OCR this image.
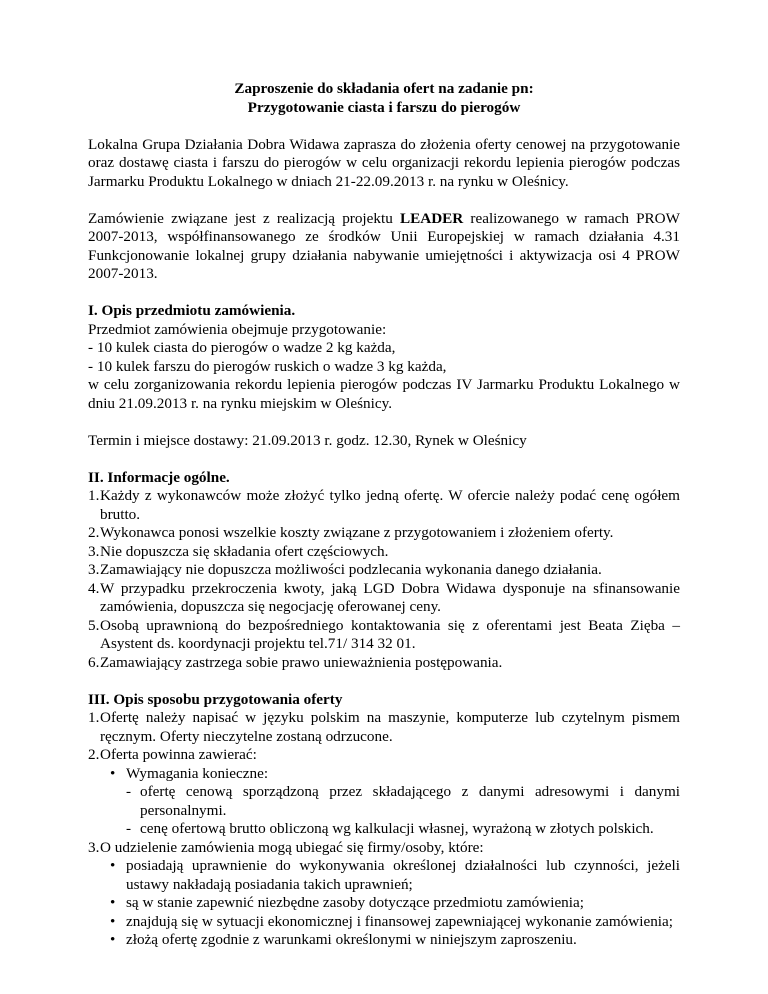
Zaproszenie do składania ofert na zadanie pn:

Przygotowanie ciasta i farszu do pierogów

Lokalna Grupa Działania Dobra Widawa zaprasza do złożenia oferty cenowej na przygotowanie oraz dostawę ciasta i farszu do pierogów w celu organizacji rekordu lepienia pierogów podczas Jarmarku Produktu Lokalnego w dniach 21-22.09.2013 r. na rynku w Oleśnicy.

Zamówienie związane jest z realizacją projektu LEADER realizowanego w ramach PROW 2007-2013, współfinansowanego ze środków Unii Europejskiej w ramach działania 4.31 Funkcjonowanie lokalnej grupy działania nabywanie umiejętności i aktywizacja osi 4 PROW 2007-2013.

I. Opis przedmiotu zamówienia.

Przedmiot zamówienia obejmuje przygotowanie:

- 10 kulek ciasta do pierogów o wadze 2 kg każda,

- 10 kulek farszu do pierogów ruskich o wadze 3 kg każda,

w celu zorganizowania rekordu lepienia pierogów podczas IV Jarmarku Produktu Lokalnego w dniu 21.09.2013 r. na rynku miejskim w Oleśnicy.

Termin i miejsce dostawy: 21.09.2013 r. godz. 12.30, Rynek w Oleśnicy

II. Informacje ogólne.

1. Każdy z wykonawców może złożyć tylko jedną ofertę. W ofercie należy podać cenę ogółem brutto.
2. Wykonawca ponosi wszelkie koszty związane z przygotowaniem i złożeniem oferty.
3. Nie dopuszcza się składania ofert częściowych.
3. Zamawiający nie dopuszcza możliwości podzlecania wykonania danego działania.
4. W przypadku przekroczenia kwoty, jaką LGD Dobra Widawa dysponuje na sfinansowanie zamówienia, dopuszcza się negocjację oferowanej ceny.
5. Osobą uprawnioną do bezpośredniego kontaktowania się z oferentami jest Beata Zięba – Asystent ds. koordynacji projektu tel.71/ 314 32 01.
6. Zamawiający zastrzega sobie prawo unieważnienia postępowania.

III. Opis sposobu przygotowania oferty

1. Ofertę należy napisać w języku polskim na maszynie, komputerze lub czytelnym pismem ręcznym. Oferty nieczytelne zostaną odrzucone.
2. Oferta powinna zawierać:
• Wymagania konieczne:
- ofertę cenową sporządzoną przez składającego z danymi adresowymi i danymi personalnymi.
- cenę ofertową brutto obliczoną wg kalkulacji własnej, wyrażoną w złotych polskich.
3. O udzielenie zamówienia mogą ubiegać się firmy/osoby, które:
• posiadają uprawnienie do wykonywania określonej działalności lub czynności, jeżeli ustawy nakładają posiadania takich uprawnień;
• są w stanie zapewnić niezbędne zasoby dotyczące przedmiotu zamówienia;
• znajdują się w sytuacji ekonomicznej i finansowej zapewniającej wykonanie zamówienia;
• złożą ofertę zgodnie z warunkami określonymi w niniejszym zaproszeniu.
